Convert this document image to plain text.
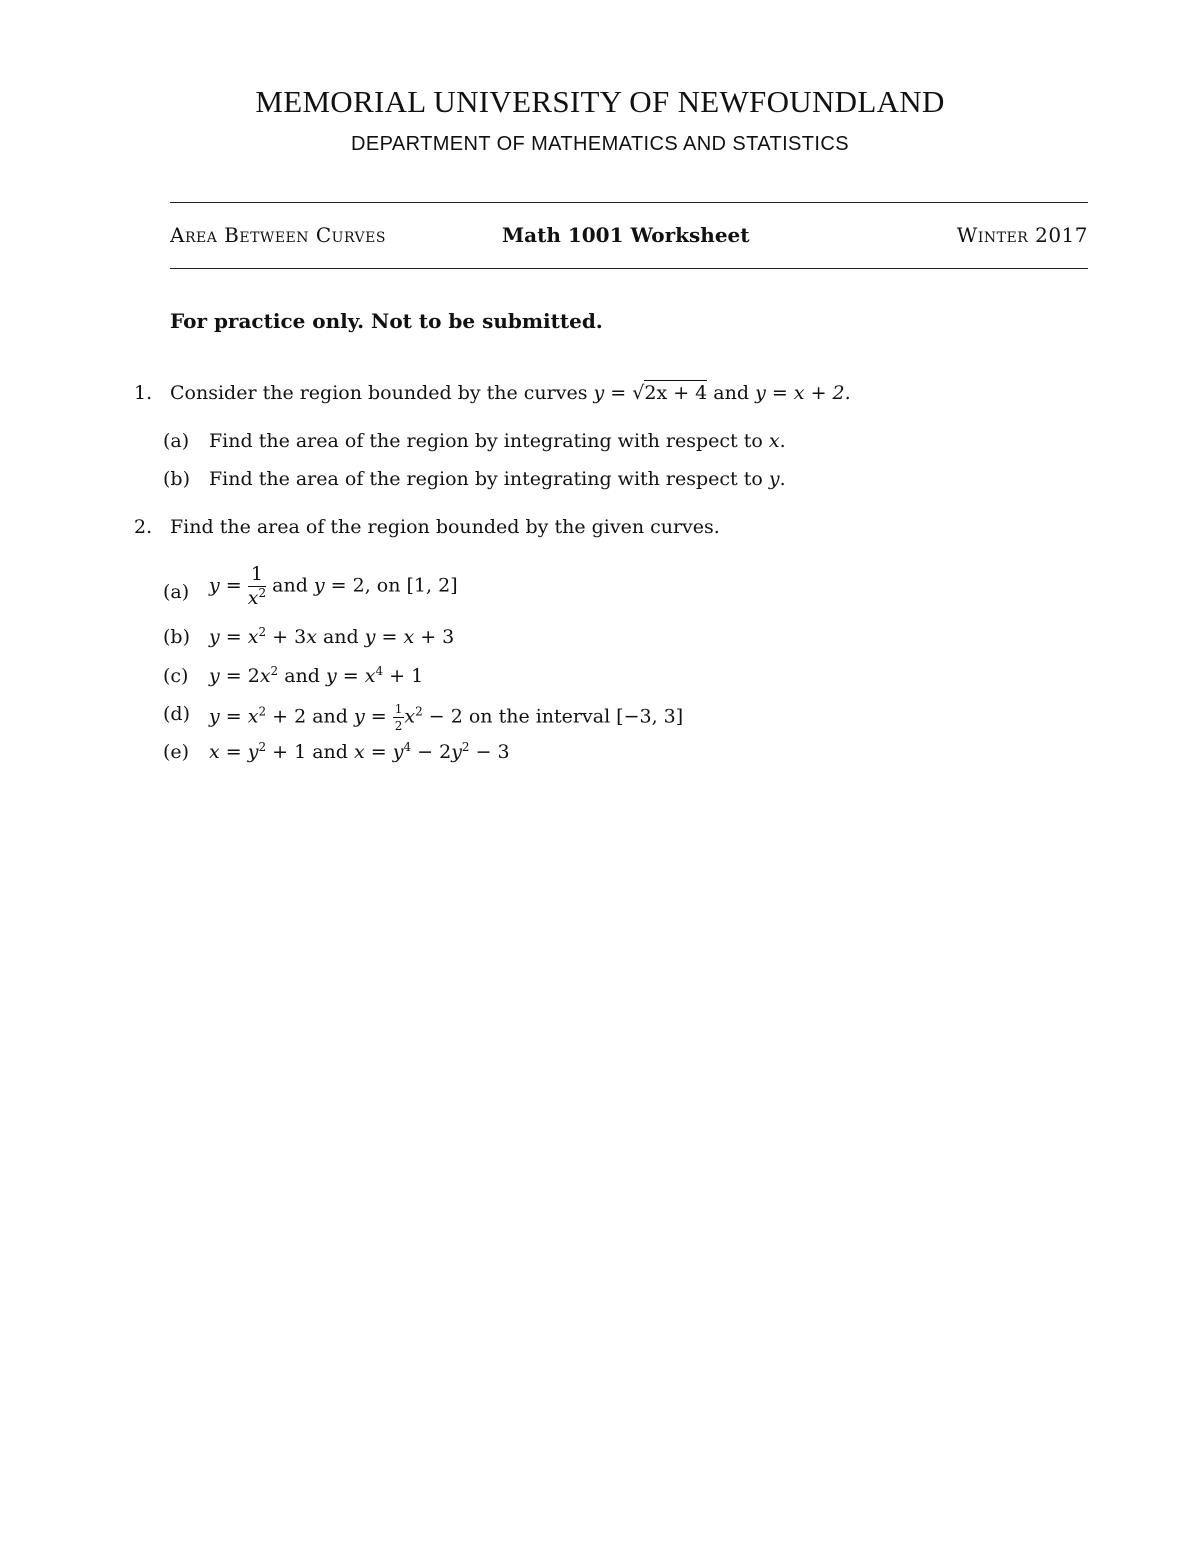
MEMORIAL UNIVERSITY OF NEWFOUNDLAND
DEPARTMENT OF MATHEMATICS AND STATISTICS
Area Between Curves	Math 1001 Worksheet	Winter 2017
For practice only. Not to be submitted.
1. Consider the region bounded by the curves y = √2x + 4 and y = x + 2.
(a) Find the area of the region by integrating with respect to x.
(b) Find the area of the region by integrating with respect to y.
2. Find the area of the region bounded by the given curves.
(a) $y = \frac{1}{x^2}$ and y = 2, on [1, 2]
(b) $y = x^2 + 3x$ and y = x + 3
(c) $y = 2x^2$ and $y = x^4 + 1$
(d) $y = x^2 + 2$ and $y = \frac{1}{2} x^2 - 2$ on the interval [−3, 3]
(e) $x = y^2 + 1$ and $x = y^4 - 2y^2 - 3$
